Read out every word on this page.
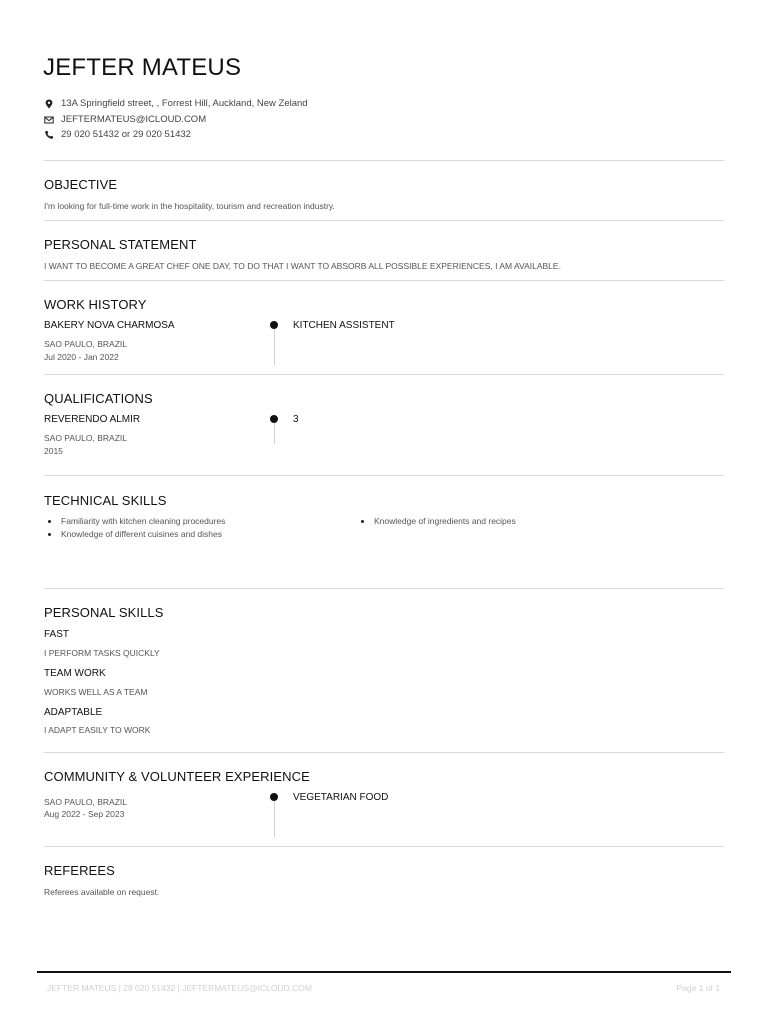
JEFTER MATEUS
13A Springfield street, , Forrest Hill, Auckland, New Zeland
JEFTERMATEUS@ICLOUD.COM
29 020 51432 or 29 020 51432
OBJECTIVE
I'm looking for full-time work in the hospitality, tourism and recreation industry.
PERSONAL STATEMENT
I WANT TO BECOME A GREAT CHEF ONE DAY, TO DO THAT I WANT TO ABSORB ALL POSSIBLE EXPERIENCES, I AM AVAILABLE.
WORK HISTORY
BAKERY NOVA CHARMOSA
SAO PAULO, BRAZIL
Jul 2020 - Jan 2022
KITCHEN ASSISTENT
QUALIFICATIONS
REVERENDO ALMIR
SAO PAULO, BRAZIL
2015
3
TECHNICAL SKILLS
Familiarity with kitchen cleaning procedures
Knowledge of different cuisines and dishes
Knowledge of ingredients and recipes
PERSONAL SKILLS
FAST
I PERFORM TASKS QUICKLY
TEAM WORK
WORKS WELL AS A TEAM
ADAPTABLE
I ADAPT EASILY TO WORK
COMMUNITY & VOLUNTEER EXPERIENCE
SAO PAULO, BRAZIL
Aug 2022 - Sep 2023
VEGETARIAN FOOD
REFEREES
Referees available on request.
JEFTER MATEUS | 29 020 51432 | JEFTERMATEUS@ICLOUD.COM	Page 1 of 1
